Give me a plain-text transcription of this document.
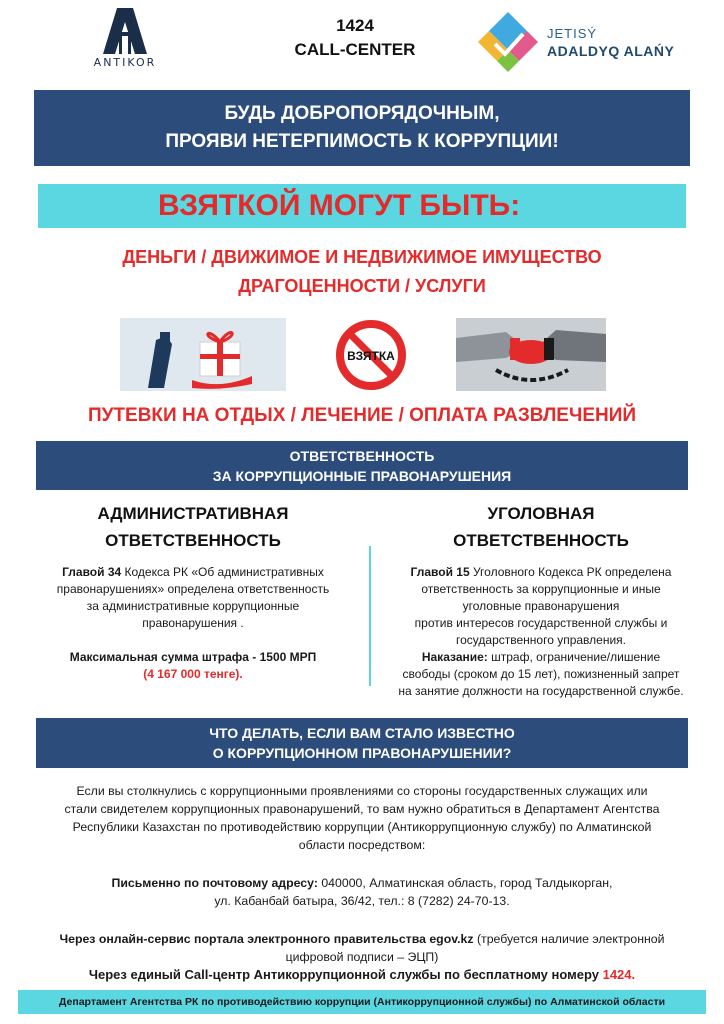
ANTIKOR
1424
CALL-CENTER
JETISÝ
ADALDYQ ALAŃY
БУДЬ ДОБРОПОРЯДОЧНЫМ,
ПРОЯВИ НЕТЕРПИМОСТЬ К КОРРУПЦИИ!
ВЗЯТКОЙ МОГУТ БЫТЬ:
ДЕНЬГИ / ДВИЖИМОЕ И НЕДВИЖИМОЕ ИМУЩЕСТВО
ДРАГОЦЕННОСТИ / УСЛУГИ
ВЗЯТКА
ПУТЕВКИ НА ОТДЫХ / ЛЕЧЕНИЕ / ОПЛАТА РАЗВЛЕЧЕНИЙ
ОТВЕТСТВЕННОСТЬ
ЗА КОРРУПЦИОННЫЕ ПРАВОНАРУШЕНИЯ
АДМИНИСТРАТИВНАЯ
ОТВЕТСТВЕННОСТЬ
Главой 34 Кодекса РК «Об административных
правонарушениях» определена ответственность
за административные коррупционные
правонарушения .
Максимальная сумма штрафа - 1500 МРП
(4 167 000 тенге).
УГОЛОВНАЯ
ОТВЕТСТВЕННОСТЬ
Главой 15 Уголовного Кодекса РК определена
ответственность за коррупционные и иные
уголовные правонарушения
против интересов государственной службы и
государственного управления.
Наказание: штраф, ограничение/лишение
свободы (сроком до 15 лет), пожизненный запрет
на занятие должности на государственной службе.
ЧТО ДЕЛАТЬ, ЕСЛИ ВАМ СТАЛО ИЗВЕСТНО
О КОРРУПЦИОННОМ ПРАВОНАРУШЕНИИ?
Если вы столкнулись с коррупционными проявлениями со стороны государственных служащих или
стали свидетелем коррупционных правонарушений, то вам нужно обратиться в Департамент Агентства
Республики Казахстан по противодействию коррупции (Антикоррупционную службу) по Алматинской
области посредством:
Письменно по почтовому адресу: 040000, Алматинская область, город Талдыкорган,
ул. Кабанбай батыра, 36/42, тел.: 8 (7282) 24-70-13.
Через онлайн-сервис портала электронного правительства egov.kz (требуется наличие электронной
цифровой подписи – ЭЦП)
Через единый Call-центр Антикоррупционной службы по бесплатному номеру 1424.
Департамент Агентства РК по противодействию коррупции (Антикоррупционной службы) по Алматинской области
